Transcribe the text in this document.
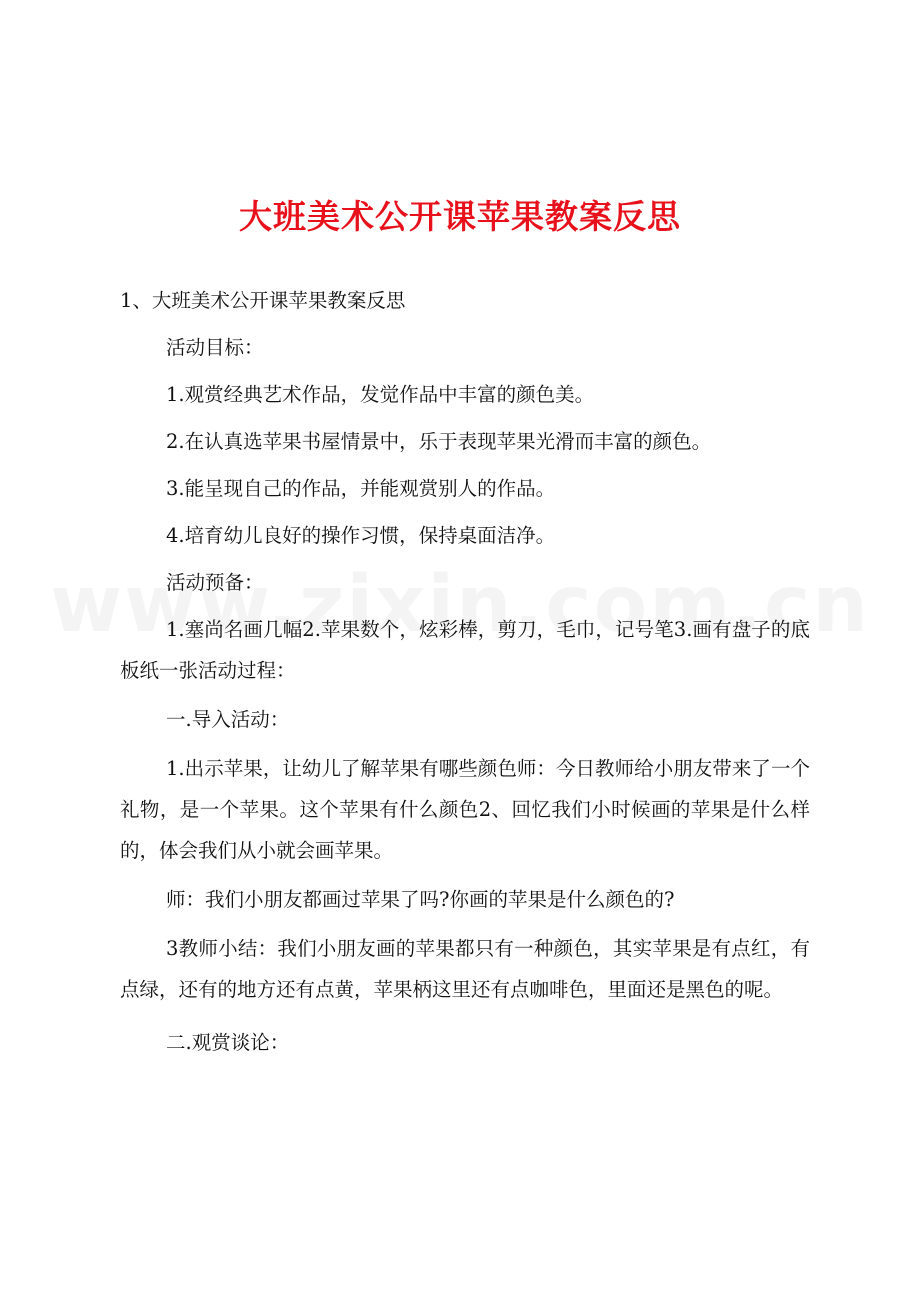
大班美术公开课苹果教案反思

1、大班美术公开课苹果教案反思

活动目标：

1.观赏经典艺术作品，发觉作品中丰富的颜色美。

2.在认真选苹果书屋情景中，乐于表现苹果光滑而丰富的颜色。

3.能呈现自己的作品，并能观赏别人的作品。

4.培育幼儿良好的操作习惯，保持桌面洁净。

活动预备：

1.塞尚名画几幅2.苹果数个，炫彩棒，剪刀，毛巾，记号笔3.画有盘子的底板纸一张活动过程：

一.导入活动：

1.出示苹果，让幼儿了解苹果有哪些颜色师：今日教师给小朋友带来了一个礼物，是一个苹果。这个苹果有什么颜色2、回忆我们小时候画的苹果是什么样的，体会我们从小就会画苹果。

师：我们小朋友都画过苹果了吗?你画的苹果是什么颜色的?

3教师小结：我们小朋友画的苹果都只有一种颜色，其实苹果是有点红，有点绿，还有的地方还有点黄，苹果柄这里还有点咖啡色，里面还是黑色的呢。

二.观赏谈论：
